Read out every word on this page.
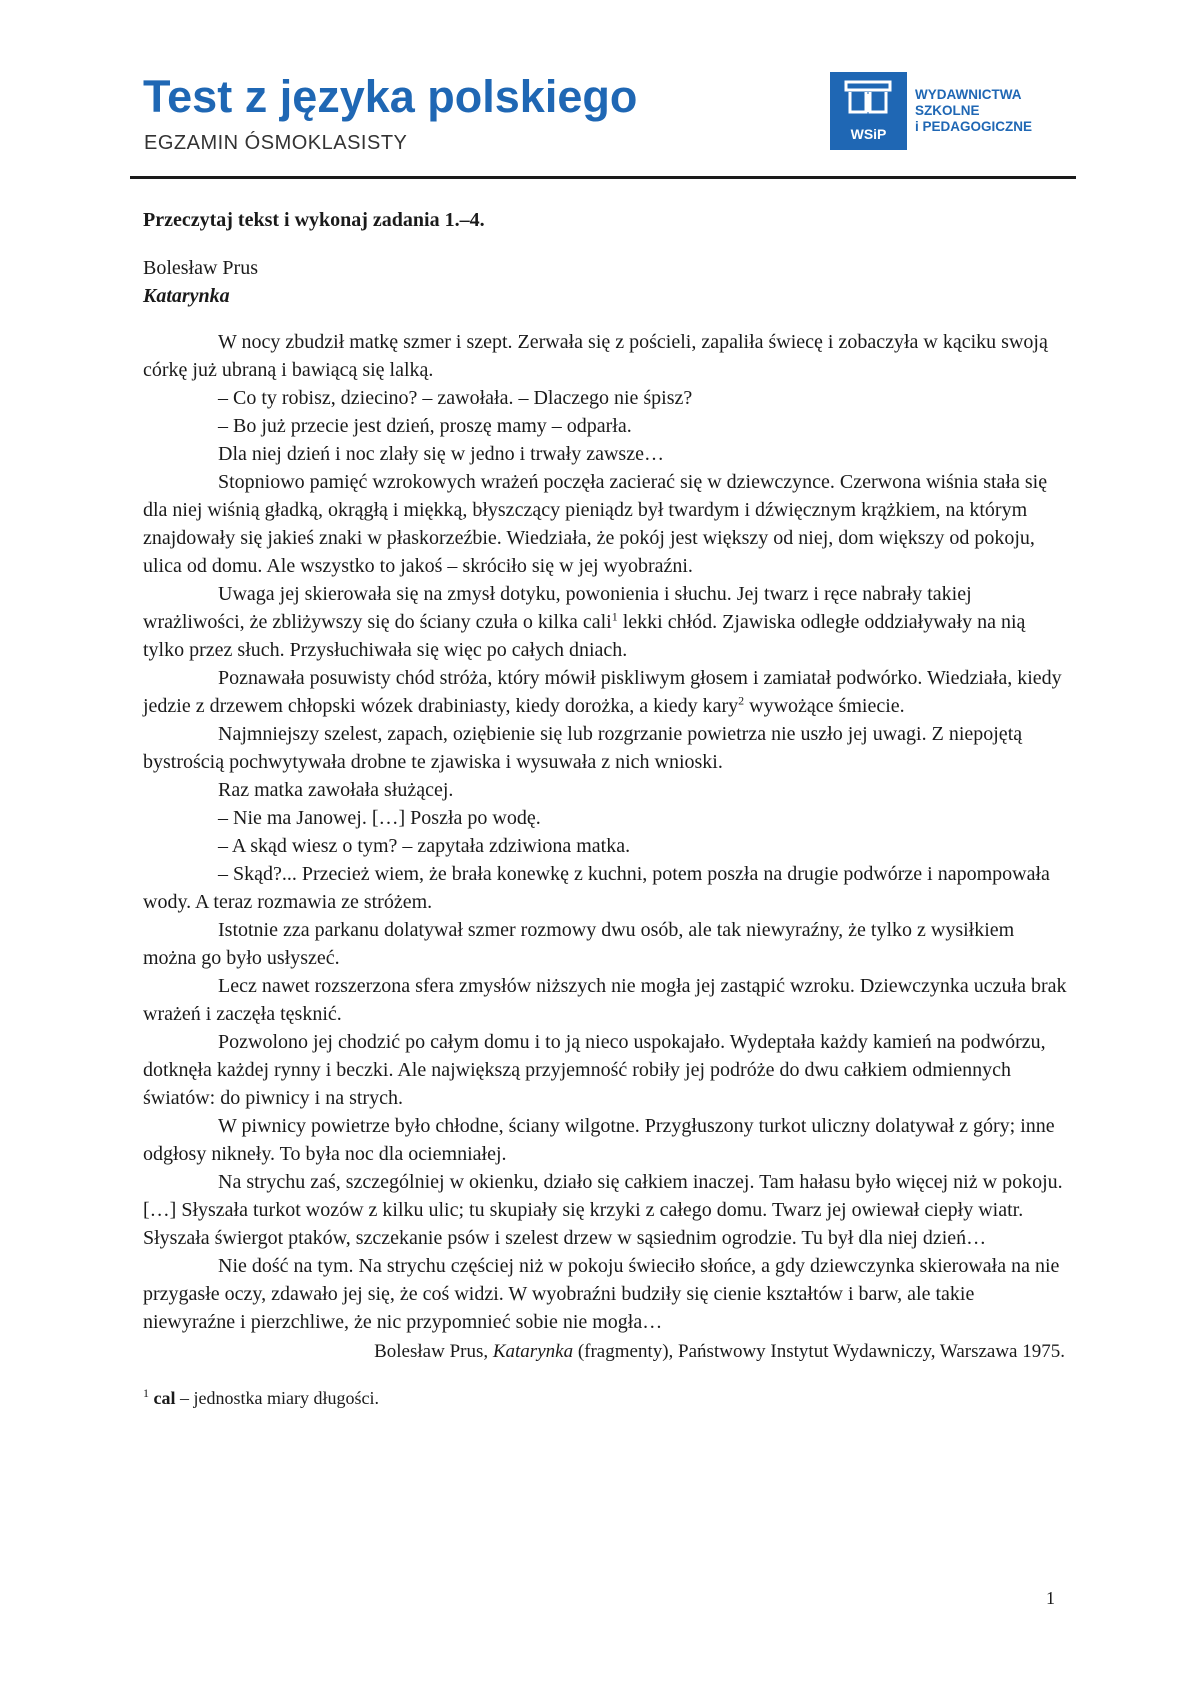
Test z języka polskiego
EGZAMIN ÓSMOKLASISTY	WSiP
WYDAWNICTWA
SZKOLNE
i PEDAGOGICZNE

Przeczytaj tekst i wykonaj zadania 1.–4.

Bolesław Prus

Katarynka

W nocy zbudził matkę szmer i szept. Zerwała się z pościeli, zapaliła świecę i zobaczyła w kąciku swoją córkę już ubraną i bawiącą się lalką.

– Co ty robisz, dziecino? – zawołała. – Dlaczego nie śpisz?

– Bo już przecie jest dzień, proszę mamy – odparła.

Dla niej dzień i noc zlały się w jedno i trwały zawsze…

Stopniowo pamięć wzrokowych wrażeń poczęła zacierać się w dziewczynce. Czerwona wiśnia stała się dla niej wiśnią gładką, okrągłą i miękką, błyszczący pieniądz był twardym i dźwięcznym krążkiem, na którym znajdowały się jakieś znaki w płaskorzeźbie. Wiedziała, że pokój jest większy od niej, dom większy od pokoju, ulica od domu. Ale wszystko to jakoś – skróciło się w jej wyobraźni.

Uwaga jej skierowała się na zmysł dotyku, powonienia i słuchu. Jej twarz i ręce nabrały takiej wrażliwości, że zbliżywszy się do ściany czuła o kilka cali$^1$ lekki chłód. Zjawiska odległe oddziaływały na nią tylko przez słuch. Przysłuchiwała się więc po całych dniach.

Poznawała posuwisty chód stróża, który mówił piskliwym głosem i zamiatał podwórko. Wiedziała, kiedy jedzie z drzewem chłopski wózek drabiniasty, kiedy dorożka, a kiedy kary$^2$ wywożące śmiecie.

Najmniejszy szelest, zapach, oziębienie się lub rozgrzanie powietrza nie uszło jej uwagi. Z niepojętą bystrością pochwytywała drobne te zjawiska i wysuwała z nich wnioski.

Raz matka zawołała służącej.

– Nie ma Janowej. […] Poszła po wodę.

– A skąd wiesz o tym? – zapytała zdziwiona matka.

– Skąd?... Przecież wiem, że brała konewkę z kuchni, potem poszła na drugie podwórze i napompowała wody. A teraz rozmawia ze stróżem.

Istotnie zza parkanu dolatywał szmer rozmowy dwu osób, ale tak niewyraźny, że tylko z wysiłkiem można go było usłyszeć.

Lecz nawet rozszerzona sfera zmysłów niższych nie mogła jej zastąpić wzroku. Dziewczynka uczuła brak wrażeń i zaczęła tęsknić.

Pozwolono jej chodzić po całym domu i to ją nieco uspokajało. Wydeptała każdy kamień na podwórzu, dotknęła każdej rynny i beczki. Ale największą przyjemność robiły jej podróże do dwu całkiem odmiennych światów: do piwnicy i na strych.

W piwnicy powietrze było chłodne, ściany wilgotne. Przygłuszony turkot uliczny dolatywał z góry; inne odgłosy nikneły. To była noc dla ociemniałej.

Na strychu zaś, szczególniej w okienku, działo się całkiem inaczej. Tam hałasu było więcej niż w pokoju. […] Słyszała turkot wozów z kilku ulic; tu skupiały się krzyki z całego domu. Twarz jej owiewał ciepły wiatr. Słyszała świergot ptaków, szczekanie psów i szelest drzew w sąsiednim ogrodzie. Tu był dla niej dzień…

Nie dość na tym. Na strychu częściej niż w pokoju świeciło słońce, a gdy dziewczynka skierowała na nie przygasłe oczy, zdawało jej się, że coś widzi. W wyobraźni budziły się cienie kształtów i barw, ale takie niewyraźne i pierzchliwe, że nic przypomnieć sobie nie mogła…

Bolesław Prus, Katarynka (fragmenty), Państwowy Instytut Wydawniczy, Warszawa 1975.

$^1$ cal – jednostka miary długości.

1
